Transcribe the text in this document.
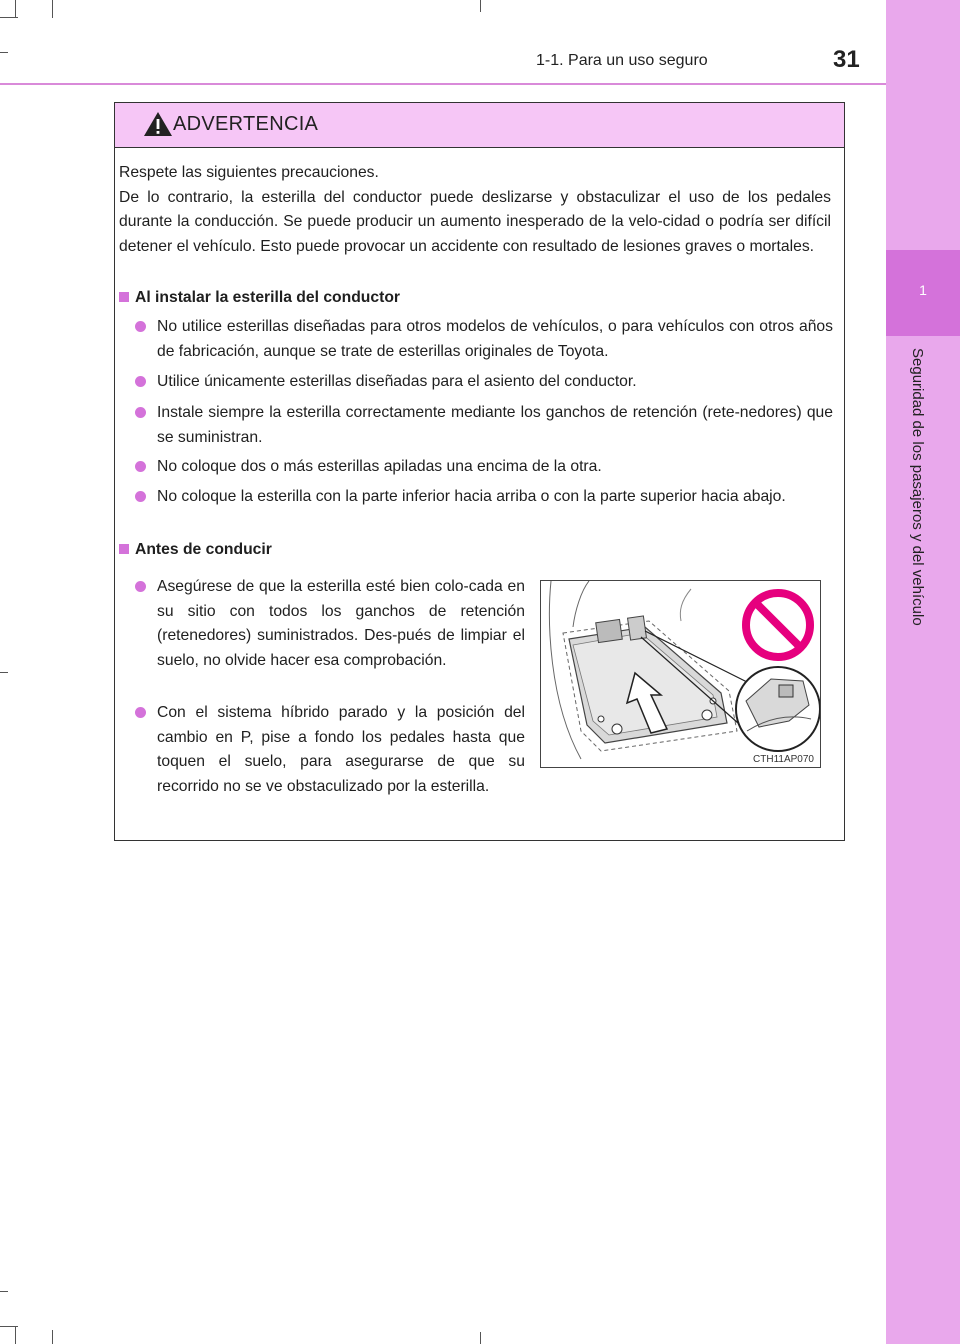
1
Seguridad de los pasajeros y del vehículo
1-1. Para un uso seguro	31
ADVERTENCIA
Respete las siguientes precauciones.
De lo contrario, la esterilla del conductor puede deslizarse y obstaculizar el uso de los pedales durante la conducción. Se puede producir un aumento inesperado de la velo-cidad o podría ser difícil detener el vehículo. Esto puede provocar un accidente con resultado de lesiones graves o mortales.
Al instalar la esterilla del conductor
No utilice esterillas diseñadas para otros modelos de vehículos, o para vehículos con otros años de fabricación, aunque se trate de esterillas originales de Toyota.
Utilice únicamente esterillas diseñadas para el asiento del conductor.
Instale siempre la esterilla correctamente mediante los ganchos de retención (rete-nedores) que se suministran.
No coloque dos o más esterillas apiladas una encima de la otra.
No coloque la esterilla con la parte inferior hacia arriba o con la parte superior hacia abajo.
Antes de conducir
Asegúrese de que la esterilla esté bien colo-cada en su sitio con todos los ganchos de retención (retenedores) suministrados. Des-pués de limpiar el suelo, no olvide hacer esa comprobación.
Con el sistema híbrido parado y la posición del cambio en P, pise a fondo los pedales hasta que toquen el suelo, para asegurarse de que su recorrido no se ve obstaculizado por la esterilla.
CTH11AP070
